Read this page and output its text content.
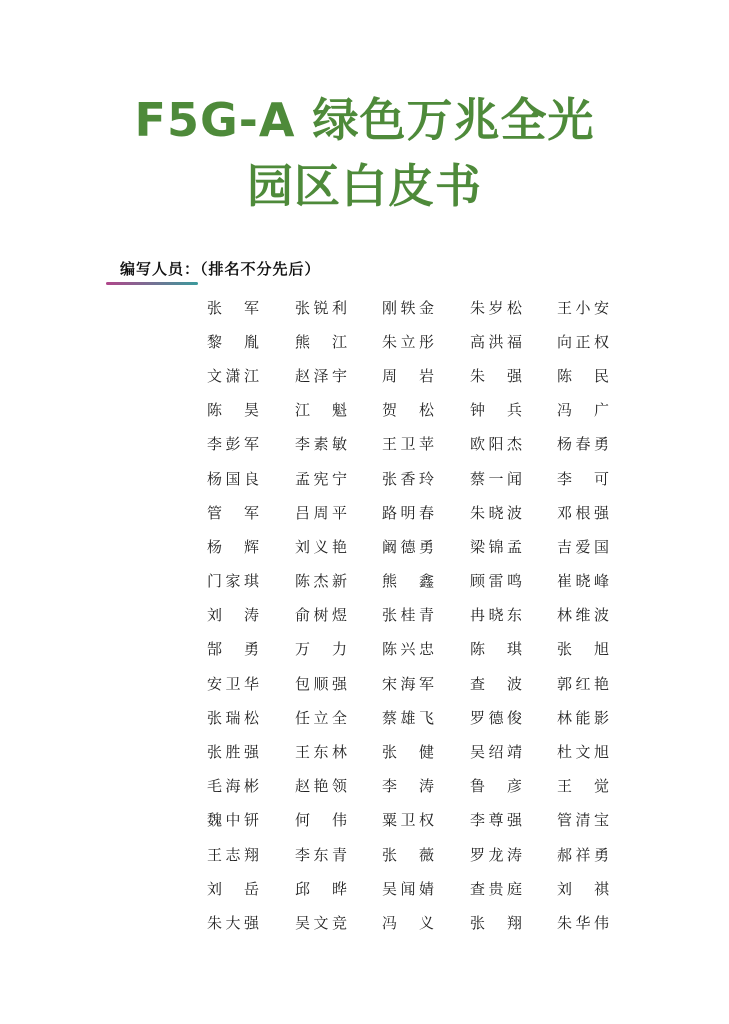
F5G-A 绿色万兆全光
园区白皮书
编写人员：（排名不分先后）
张 军 张 锐 利 刚 轶 金 朱 岁 松 王 小 安
黎 胤 熊 江 朱 立 彤 高 洪 福 向 正 权
文 潇 江 赵 泽 宇 周 岩 朱 强 陈 民
陈 昊 江 魁 贺 松 钟 兵 冯 广
李 彭 军 李 素 敏 王 卫 苹 欧 阳 杰 杨 春 勇
杨 国 良 孟 宪 宁 张 香 玲 蔡 一 闻 李 可
管 军 吕 周 平 路 明 春 朱 晓 波 邓 根 强
杨 辉 刘 义 艳 阚 德 勇 梁 锦 孟 吉 爱 国
门 家 琪 陈 杰 新 熊 鑫 顾 雷 鸣 崔 晓 峰
刘 涛 俞 树 煜 张 桂 青 冉 晓 东 林 维 波
郜 勇 万 力 陈 兴 忠 陈 琪 张 旭
安 卫 华 包 顺 强 宋 海 军 查 波 郭 红 艳
张 瑞 松 任 立 全 蔡 雄 飞 罗 德 俊 林 能 影
张 胜 强 王 东 林 张 健 吴 绍 靖 杜 文 旭
毛 海 彬 赵 艳 领 李 涛 鲁 彦 王 觉
魏 中 钘 何 伟 粟 卫 权 李 尊 强 管 清 宝
王 志 翔 李 东 青 张 薇 罗 龙 涛 郝 祥 勇
刘 岳 邱 晔 吴 闻 婧 查 贵 庭 刘 祺
朱 大 强 吴 文 竞 冯 义 张 翔 朱 华 伟
